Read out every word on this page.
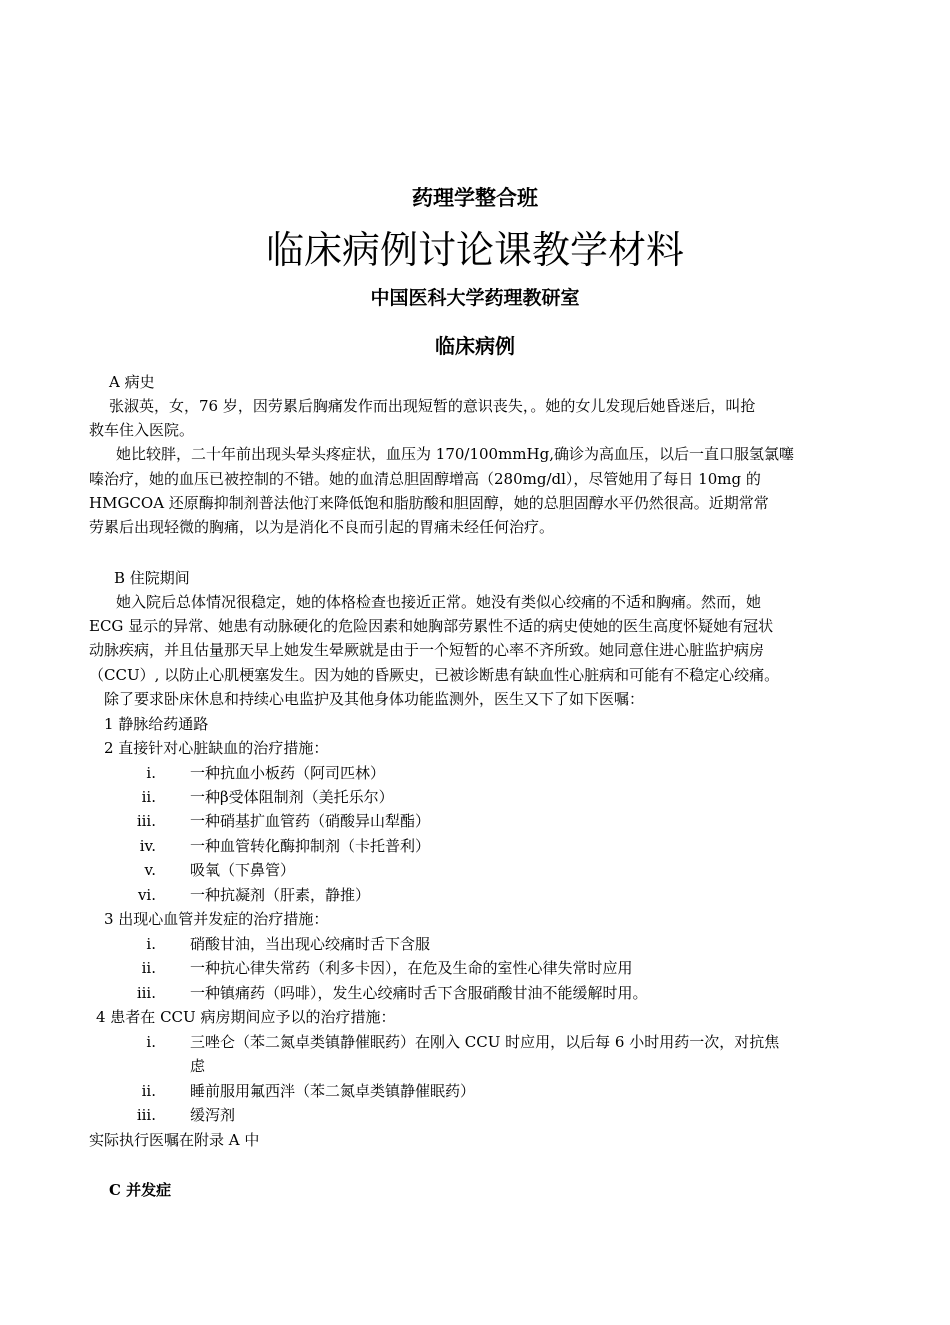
药理学整合班
临床病例讨论课教学材料
中国医科大学药理教研室
临床病例
A 病史
张淑英，女，76 岁，因劳累后胸痛发作而出现短暂的意识丧失，。她的女儿发现后她昏迷后，叫抢
救车住入医院。
她比较胖，二十年前出现头晕头疼症状，血压为 170/100mmHg,确诊为高血压，以后一直口服氢氯噻
嗪治疗，她的血压已被控制的不错。她的血清总胆固醇增高（280mg/dl），尽管她用了每日 10mg 的
HMGCOA 还原酶抑制剂普法他汀来降低饱和脂肪酸和胆固醇，她的总胆固醇水平仍然很高。近期常常
劳累后出现轻微的胸痛，以为是消化不良而引起的胃痛未经任何治疗。
B 住院期间
她入院后总体情况很稳定，她的体格检查也接近正常。她没有类似心绞痛的不适和胸痛。然而，她
ECG 显示的异常、她患有动脉硬化的危险因素和她胸部劳累性不适的病史使她的医生高度怀疑她有冠状
动脉疾病，并且估量那天早上她发生晕厥就是由于一个短暂的心率不齐所致。她同意住进心脏监护病房
（CCU）, 以防止心肌梗塞发生。因为她的昏厥史，已被诊断患有缺血性心脏病和可能有不稳定心绞痛。
除了要求卧床休息和持续心电监护及其他身体功能监测外，医生又下了如下医嘱：
1 静脉给药通路
2 直接针对心脏缺血的治疗措施：
i. 一种抗血小板药（阿司匹林）
ii. 一种β受体阻制剂（美托乐尔）
iii. 一种硝基扩血管药（硝酸异山犁酯）
iv. 一种血管转化酶抑制剂（卡托普利）
v. 吸氧（下鼻管）
vi. 一种抗凝剂（肝素，静推）
3 出现心血管并发症的治疗措施：
i. 硝酸甘油，当出现心绞痛时舌下含服
ii. 一种抗心律失常药（利多卡因），在危及生命的室性心律失常时应用
iii. 一种镇痛药（吗啡），发生心绞痛时舌下含服硝酸甘油不能缓解时用。
4 患者在 CCU 病房期间应予以的治疗措施：
i. 三唑仑（苯二氮卓类镇静催眠药）在刚入 CCU 时应用，以后每 6 小时用药一次，对抗焦
虑
ii. 睡前服用氟西泮（苯二氮卓类镇静催眠药）
iii. 缓泻剂
实际执行医嘱在附录 A 中
C 并发症
